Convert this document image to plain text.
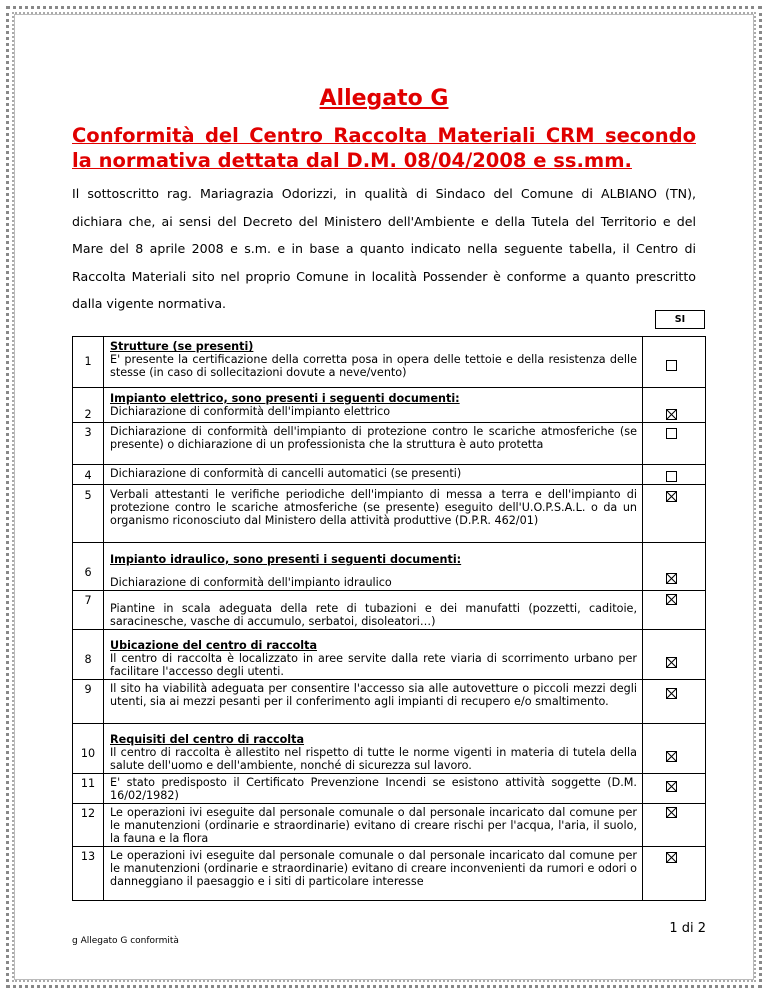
Allegato G
Conformità del Centro Raccolta Materiali CRM secondo la normativa dettata dal D.M. 08/04/2008 e ss.mm.
Il sottoscritto rag. Mariagrazia Odorizzi, in qualità di Sindaco del Comune di ALBIANO (TN), dichiara che, ai sensi del Decreto del Ministero dell'Ambiente e della Tutela del Territorio e del Mare del 8 aprile 2008 e s.m. e in base a quanto indicato nella seguente tabella, il Centro di Raccolta Materiali sito nel proprio Comune in località Possender è conforme a quanto prescritto dalla vigente normativa.
SI
1	Strutture (se presenti)
E' presente la certificazione della corretta posa in opera delle tettoie e della resistenza delle stesse (in caso di sollecitazioni dovute a neve/vento)	

2	Impianto elettrico, sono presenti i seguenti documenti:
Dichiarazione di conformità dell'impianto elettrico	

3	Dichiarazione di conformità dell'impianto di protezione contro le scariche atmosferiche (se presente) o dichiarazione di un professionista che la struttura è auto protetta	

4	Dichiarazione di conformità di cancelli automatici (se presenti)	

5	Verbali attestanti le verifiche periodiche dell'impianto di messa a terra e dell'impianto di protezione contro le scariche atmosferiche (se presente) eseguito dell'U.O.P.S.A.L. o da un organismo riconosciuto dal Ministero della attività produttive (D.P.R. 462/01)	

6	Impianto idraulico, sono presenti i seguenti documenti:
Dichiarazione di conformità dell'impianto idraulico	

7	Piantine in scala adeguata della rete di tubazioni e dei manufatti (pozzetti, caditoie, saracinesche, vasche di accumulo, serbatoi, disoleatori…)	

8	Ubicazione del centro di raccolta
Il centro di raccolta è localizzato in aree servite dalla rete viaria di scorrimento urbano per facilitare l'accesso degli utenti.	

9	Il sito ha viabilità adeguata per consentire l'accesso sia alle autovetture o piccoli mezzi degli utenti, sia ai mezzi pesanti per il conferimento agli impianti di recupero e/o smaltimento.	

10	Requisiti del centro di raccolta
Il centro di raccolta è allestito nel rispetto di tutte le norme vigenti in materia di tutela della salute dell'uomo e dell'ambiente, nonché di sicurezza sul lavoro.	

11	E' stato predisposto il Certificato Prevenzione Incendi se esistono attività soggette (D.M. 16/02/1982)	

12	Le operazioni ivi eseguite dal personale comunale o dal personale incaricato dal comune per le manutenzioni (ordinarie e straordinarie) evitano di creare rischi per l'acqua, l'aria, il suolo, la fauna e la flora	

13	Le operazioni ivi eseguite dal personale comunale o dal personale incaricato dal comune per le manutenzioni (ordinarie e straordinarie) evitano di creare inconvenienti da rumori e odori o danneggiano il paesaggio e i siti di particolare interesse	

1 di 2
g Allegato G conformità
